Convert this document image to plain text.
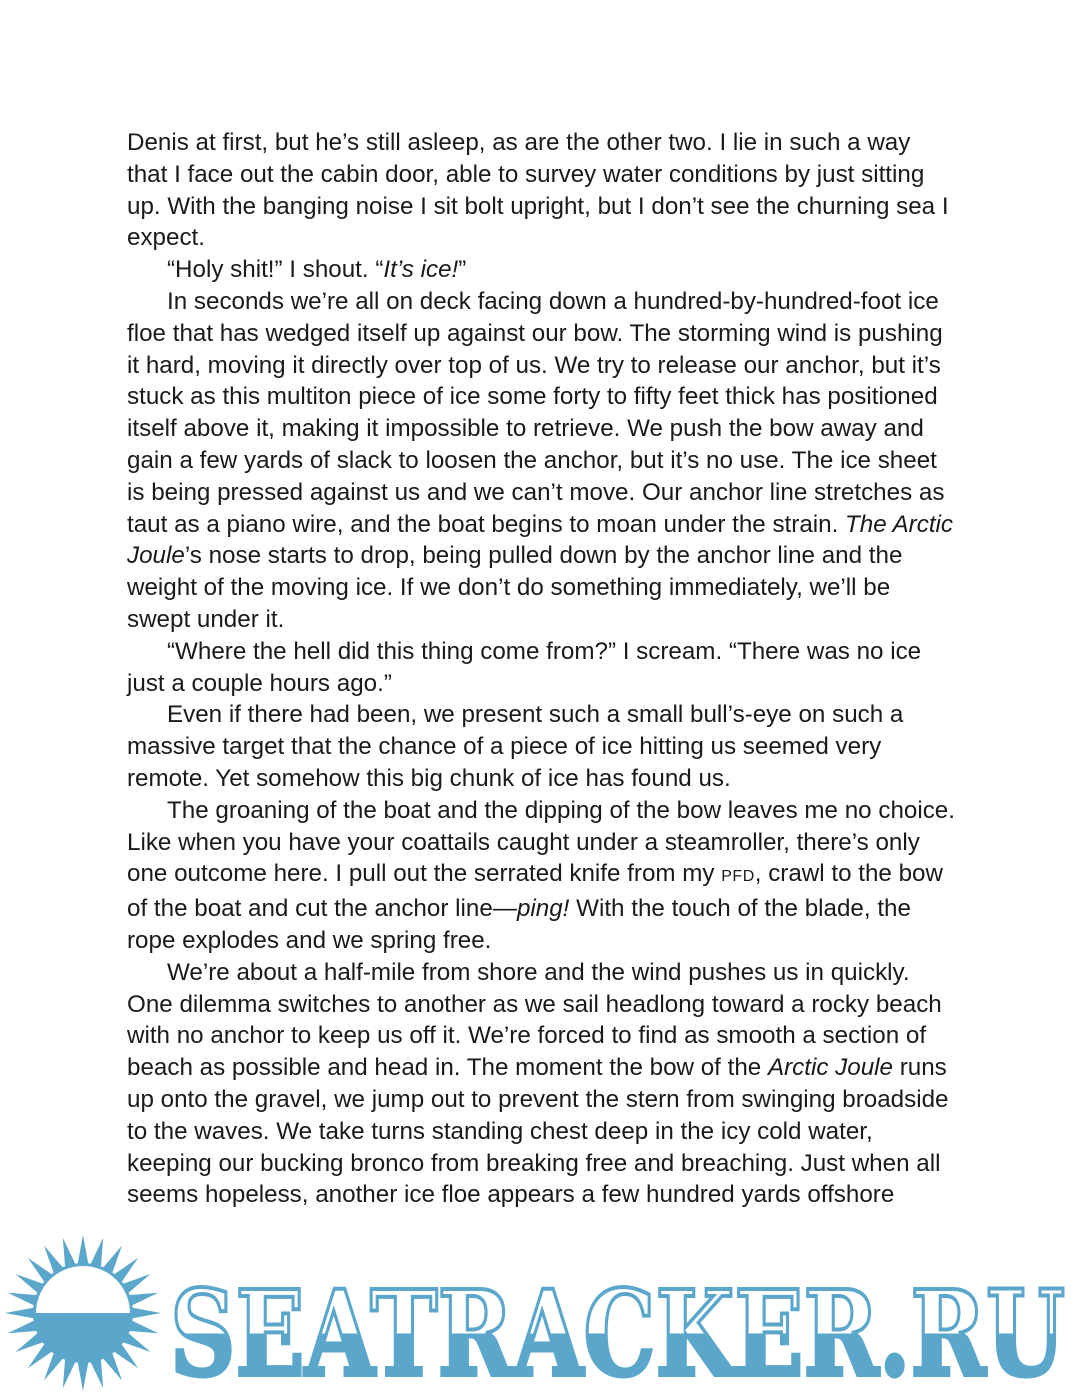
Denis at first, but he’s still asleep, as are the other two. I lie in such a way that I face out the cabin door, able to survey water conditions by just sitting up. With the banging noise I sit bolt upright, but I don’t see the churning sea I expect.

“Holy shit!” I shout. “It’s ice!”

In seconds we’re all on deck facing down a hundred-by-hundred-foot ice floe that has wedged itself up against our bow. The storming wind is pushing it hard, moving it directly over top of us. We try to release our anchor, but it’s stuck as this multiton piece of ice some forty to fifty feet thick has positioned itself above it, making it impossible to retrieve. We push the bow away and gain a few yards of slack to loosen the anchor, but it’s no use. The ice sheet is being pressed against us and we can’t move. Our anchor line stretches as taut as a piano wire, and the boat begins to moan under the strain. The Arctic Joule’s nose starts to drop, being pulled down by the anchor line and the weight of the moving ice. If we don’t do something immediately, we’ll be swept under it.

“Where the hell did this thing come from?” I scream. “There was no ice just a couple hours ago.”

Even if there had been, we present such a small bull’s-eye on such a massive target that the chance of a piece of ice hitting us seemed very remote. Yet somehow this big chunk of ice has found us.

The groaning of the boat and the dipping of the bow leaves me no choice. Like when you have your coattails caught under a steamroller, there’s only one outcome here. I pull out the serrated knife from my PFD, crawl to the bow of the boat and cut the anchor line—ping! With the touch of the blade, the rope explodes and we spring free.

We’re about a half-mile from shore and the wind pushes us in quickly. One dilemma switches to another as we sail headlong toward a rocky beach with no anchor to keep us off it. We’re forced to find as smooth a section of beach as possible and head in. The moment the bow of the Arctic Joule runs up onto the gravel, we jump out to prevent the stern from swinging broadside to the waves. We take turns standing chest deep in the icy cold water, keeping our bucking bronco from breaking free and breaching. Just when all seems hopeless, another ice floe appears a few hundred yards offshore

SEATRACKER.RU
